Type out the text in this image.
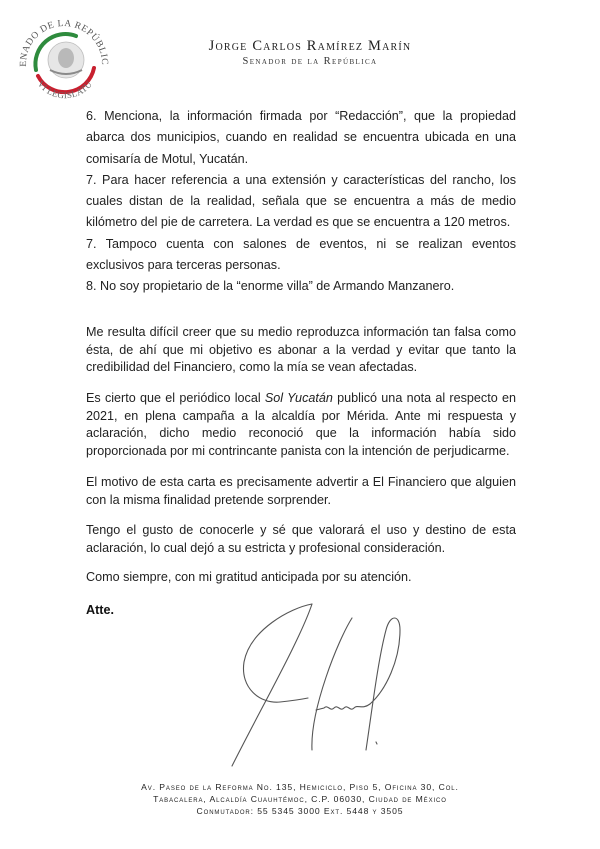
ENADO DE LA REPÚBLIC
VI LEGISLATU
Jorge Carlos Ramírez Marín
Senador de la República

6. Menciona, la información firmada por “Redacción”, que la propiedad abarca dos municipios, cuando en realidad se encuentra ubicada en una comisaría de Motul, Yucatán.

7. Para hacer referencia a una extensión y características del rancho, los cuales distan de la realidad, señala que se encuentra a más de medio kilómetro del pie de carretera. La verdad es que se encuentra a 120 metros.

7. Tampoco cuenta con salones de eventos, ni se realizan eventos exclusivos para terceras personas.

8. No soy propietario de la “enorme villa” de Armando Manzanero.

Me resulta difícil creer que su medio reproduzca información tan falsa como ésta, de ahí que mi objetivo es abonar a la verdad y evitar que tanto la credibilidad del Financiero, como la mía se vean afectadas.

Es cierto que el periódico local Sol Yucatán publicó una nota al respecto en 2021, en plena campaña a la alcaldía por Mérida. Ante mi respuesta y aclaración, dicho medio reconoció que la información había sido proporcionada por mi contrincante panista con la intención de perjudicarme.

El motivo de esta carta es precisamente advertir a El Financiero que alguien con la misma finalidad pretende sorprender.

Tengo el gusto de conocerle y sé que valorará el uso y destino de esta aclaración, lo cual dejó a su estricta y profesional consideración.

Como siempre, con mi gratitud anticipada por su atención.

Atte.
Av. Paseo de la Reforma No. 135, Hemiciclo, Piso 5, Oficina 30, Col.
Tabacalera, Alcaldía Cuauhtémoc, C.P. 06030, Ciudad de México
Conmutador: 55 5345 3000 Ext. 5448 y 3505
